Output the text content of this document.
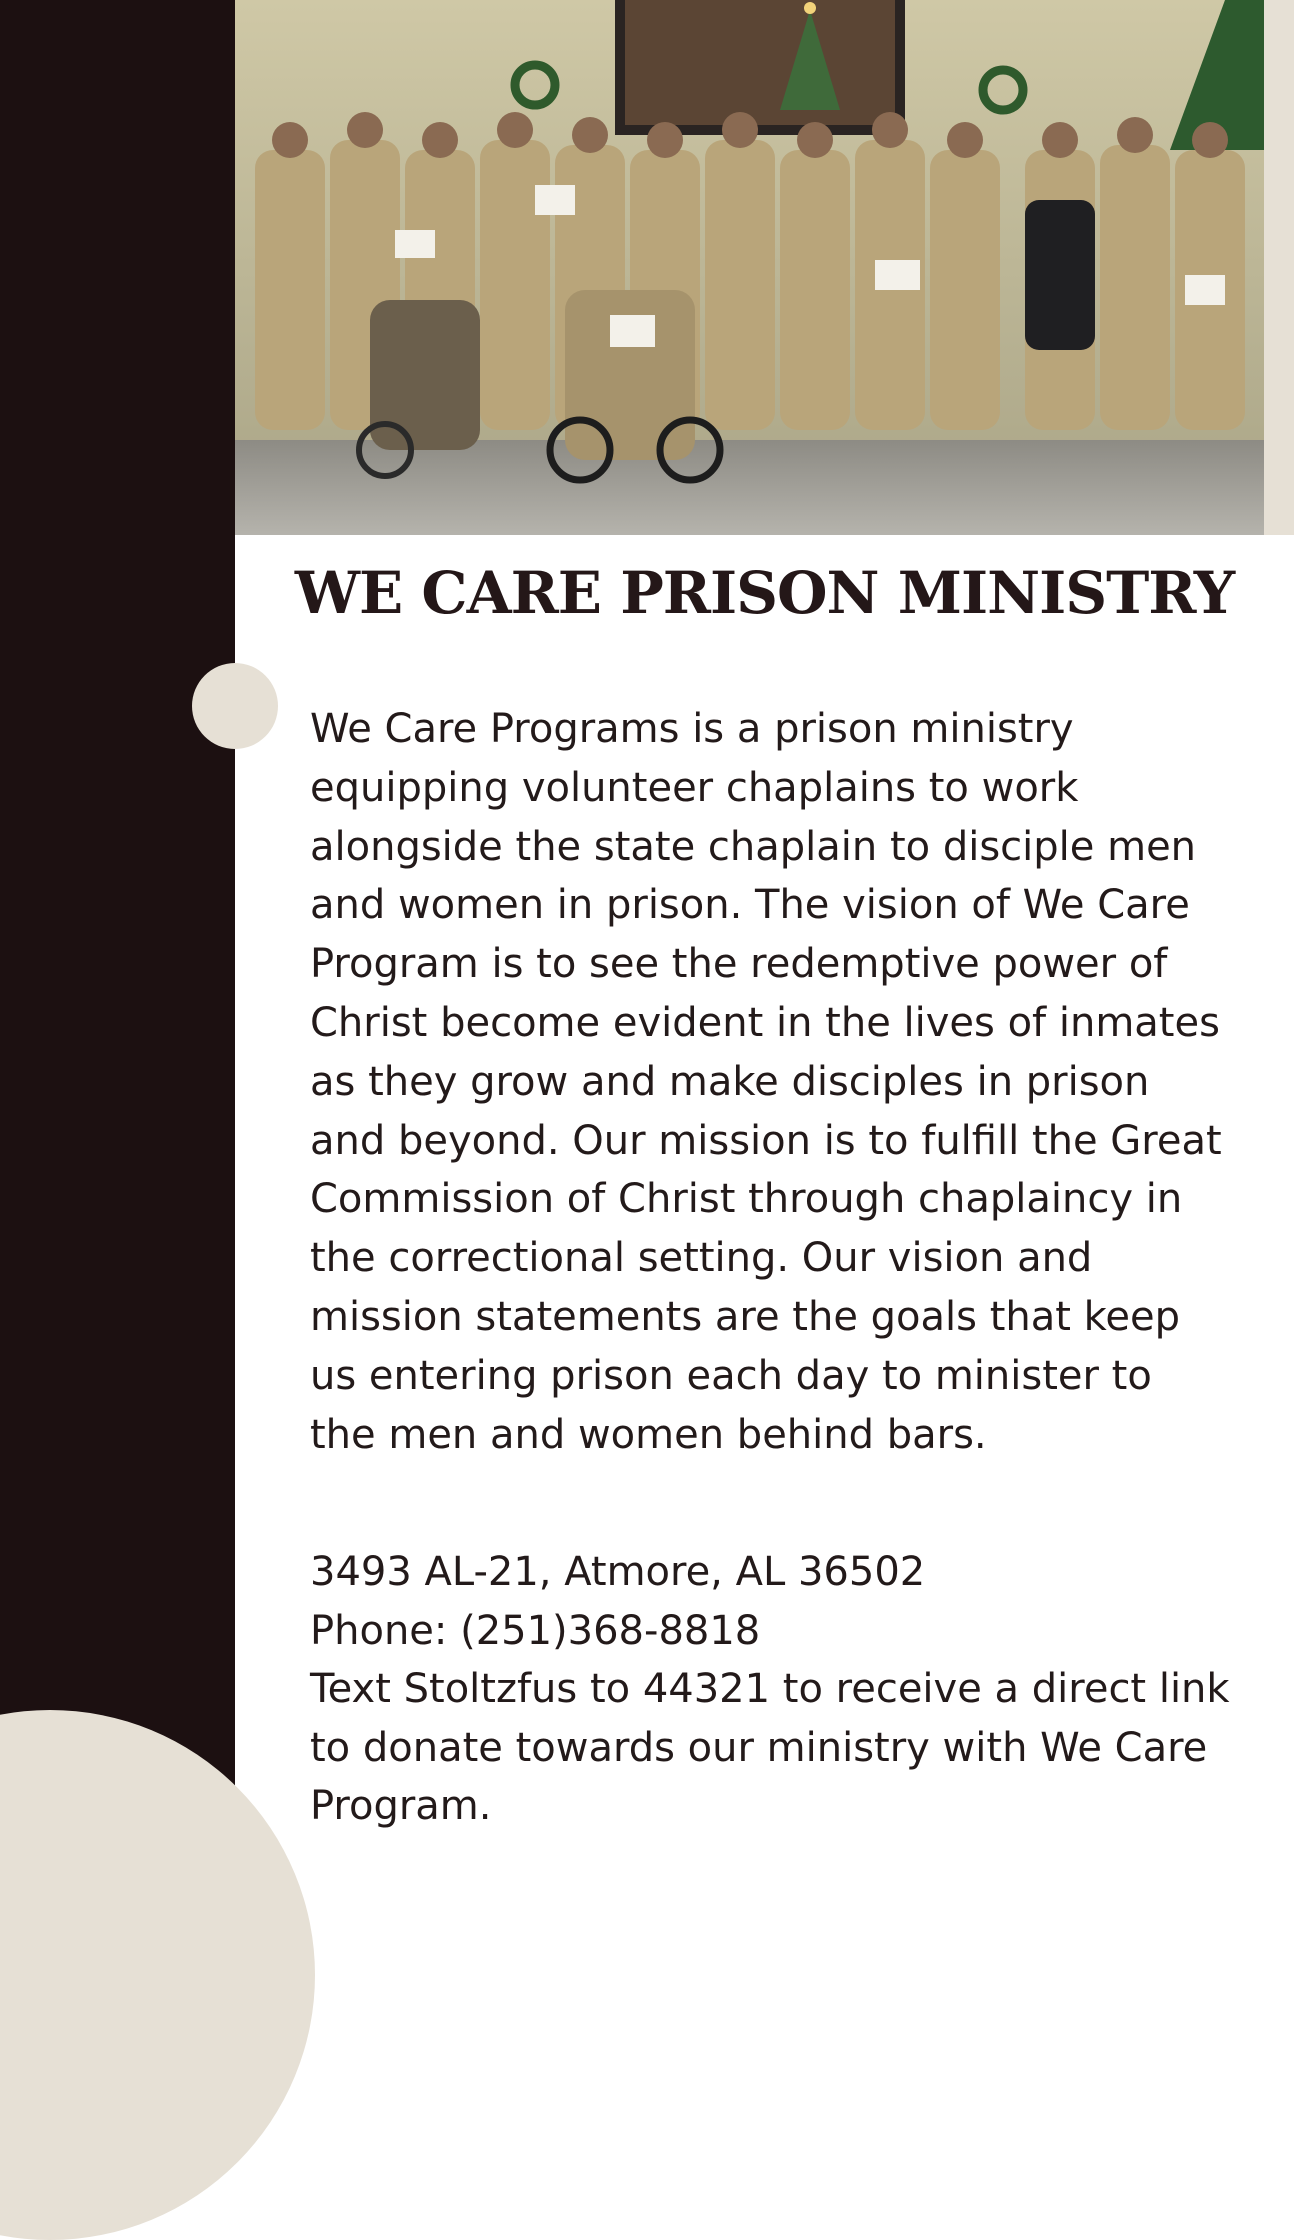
WE CARE PRISON MINISTRY

We Care Programs is a prison ministry equipping volunteer chaplains to work alongside the state chaplain to disciple men and women in prison. The vision of We Care Program is to see the redemptive power of Christ become evident in the lives of inmates as they grow and make disciples in prison and beyond. Our mission is to fulfill the Great Commission of Christ through chaplaincy in the correctional setting. Our vision and mission statements are the goals that keep us entering prison each day to minister to the men and women behind bars.

3493 AL-21, Atmore, AL 36502
Phone: (251)368-8818
Text Stoltzfus to 44321 to receive a direct link to donate towards our ministry with We Care Program.
